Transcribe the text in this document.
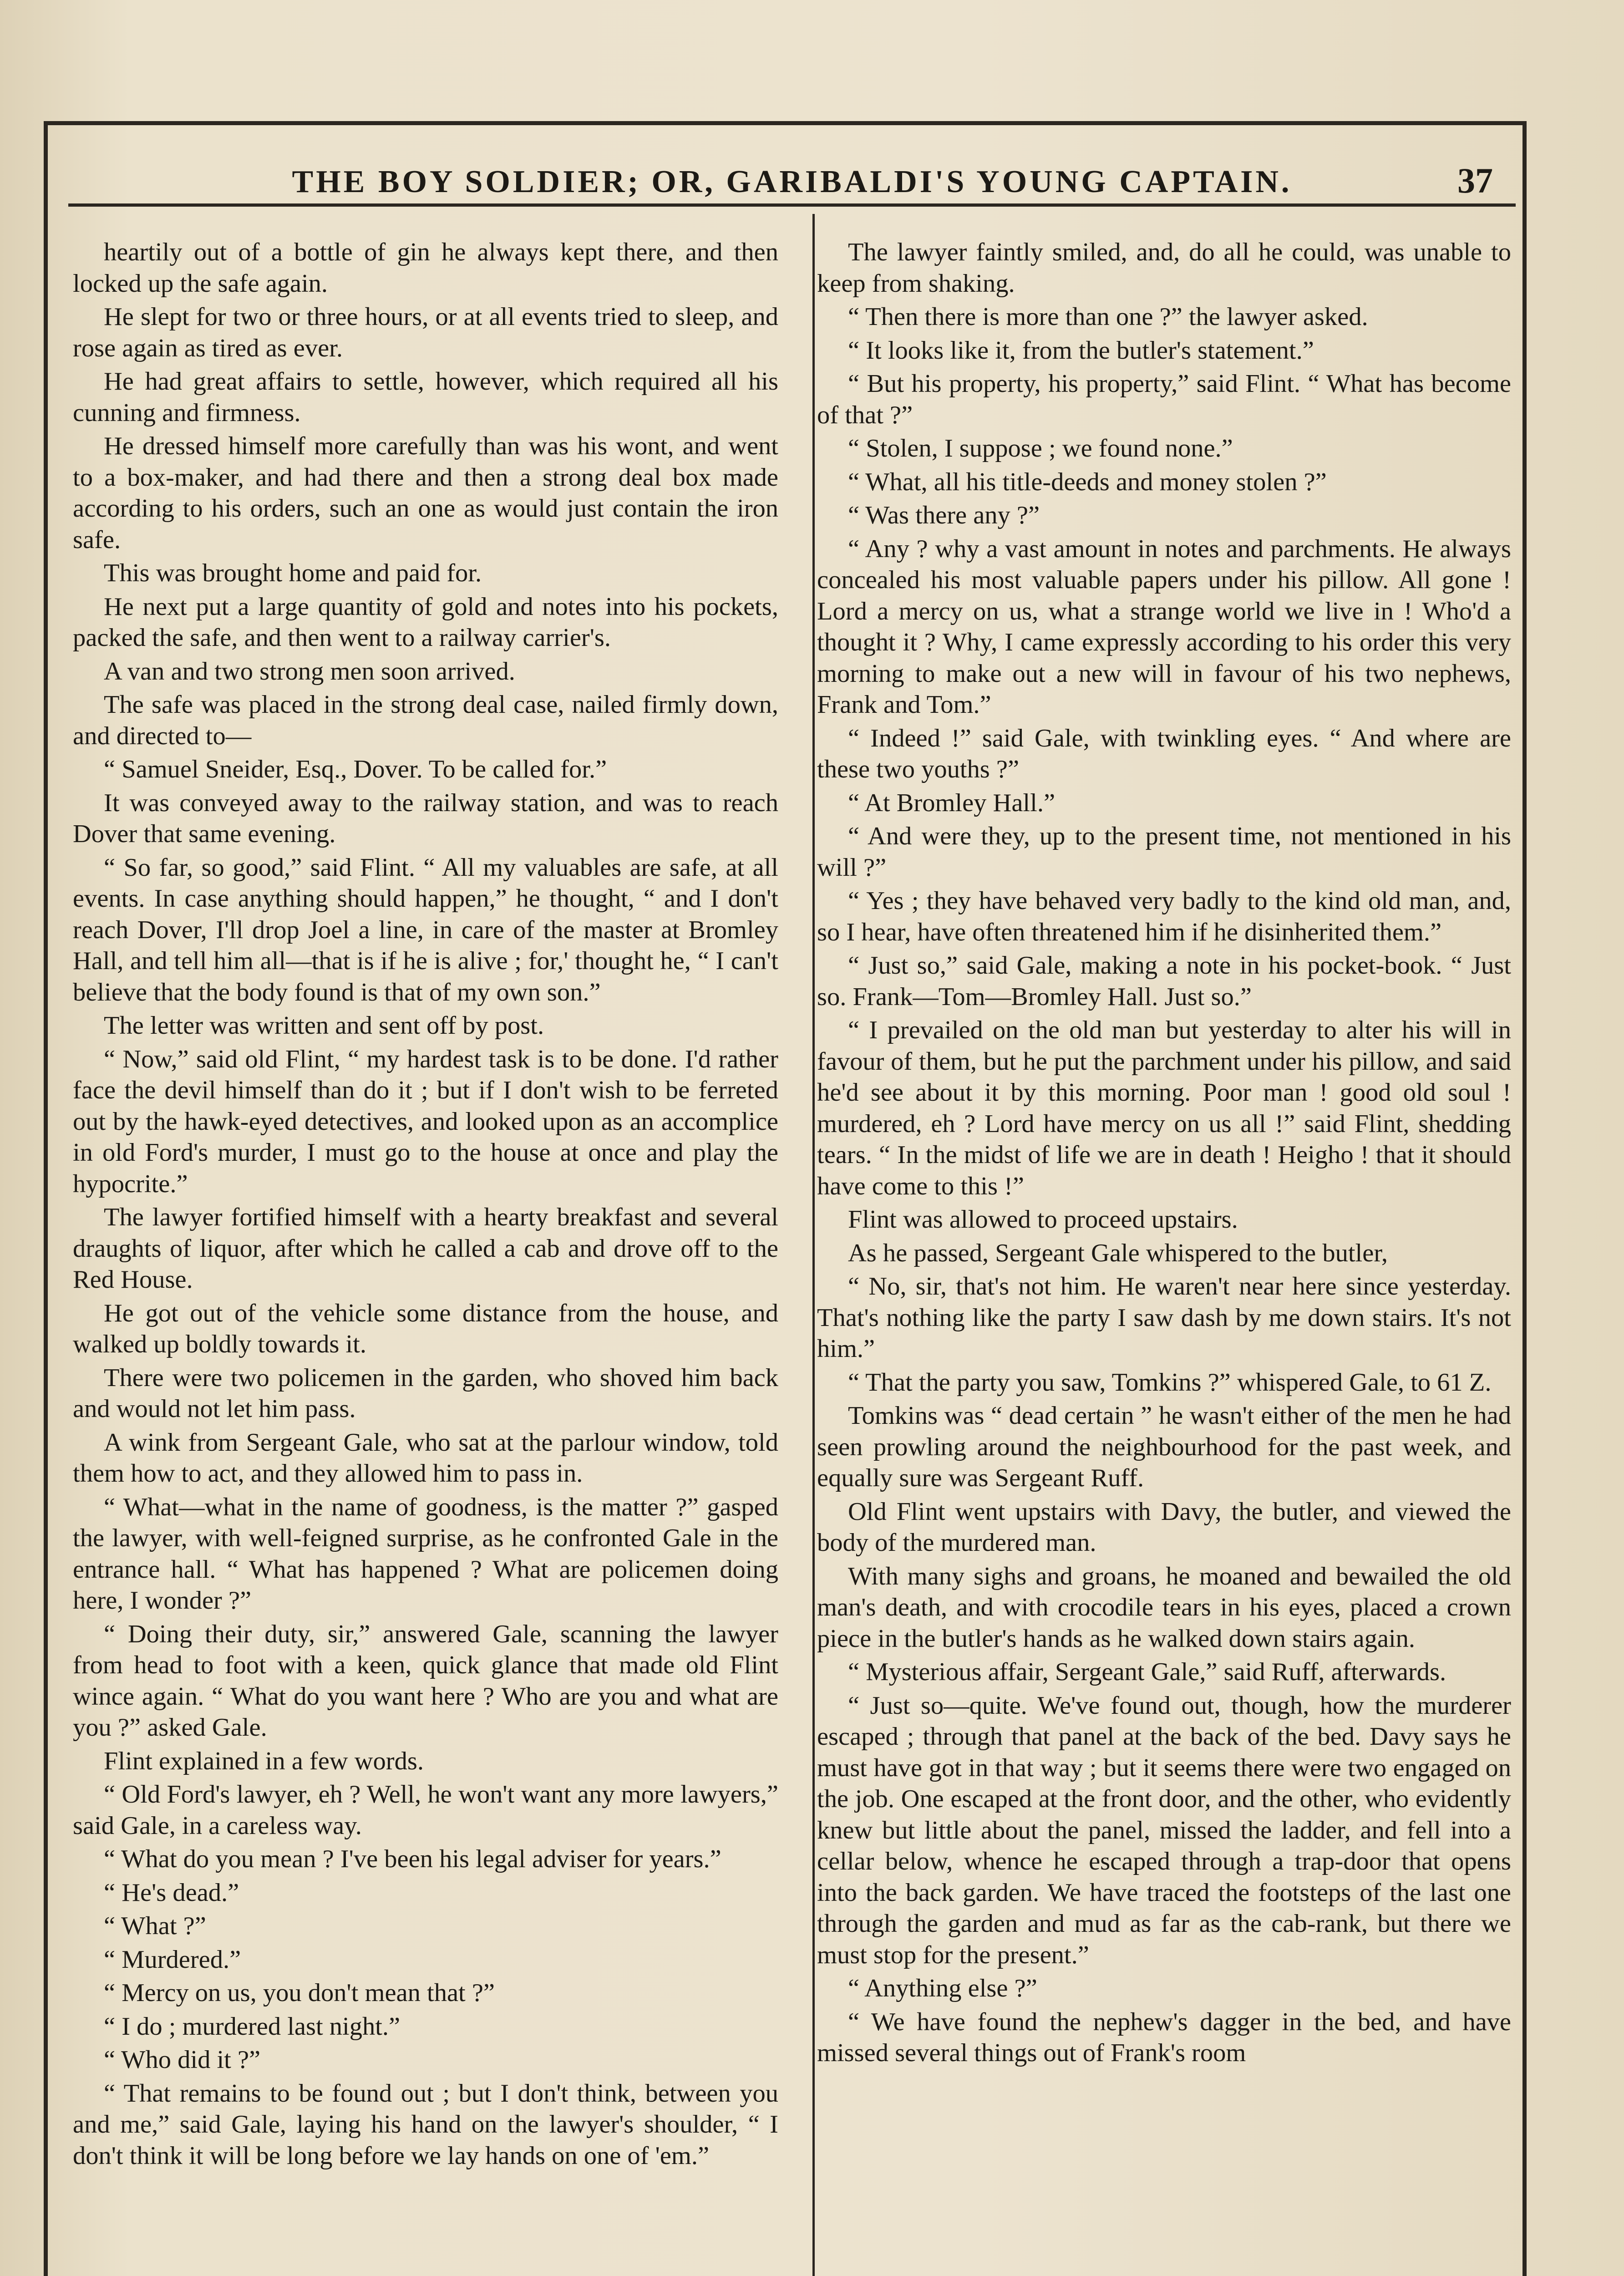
THE BOY SOLDIER; OR, GARIBALDI'S YOUNG CAPTAIN.	37

heartily out of a bottle of gin he always kept there, and then locked up the safe again.

He slept for two or three hours, or at all events tried to sleep, and rose again as tired as ever.

He had great affairs to settle, however, which required all his cunning and firmness.

He dressed himself more carefully than was his wont, and went to a box-maker, and had there and then a strong deal box made according to his orders, such an one as would just contain the iron safe.

This was brought home and paid for.

He next put a large quantity of gold and notes into his pockets, packed the safe, and then went to a railway carrier's.

A van and two strong men soon arrived.

The safe was placed in the strong deal case, nailed firmly down, and directed to—

“ Samuel Sneider, Esq., Dover. To be called for.”

It was conveyed away to the railway station, and was to reach Dover that same evening.

“ So far, so good,” said Flint. “ All my valuables are safe, at all events. In case anything should happen,” he thought, “ and I don't reach Dover, I'll drop Joel a line, in care of the master at Bromley Hall, and tell him all—that is if he is alive ; for,' thought he, “ I can't believe that the body found is that of my own son.”

The letter was written and sent off by post.

“ Now,” said old Flint, “ my hardest task is to be done. I'd rather face the devil himself than do it ; but if I don't wish to be ferreted out by the hawk-eyed detectives, and looked upon as an accomplice in old Ford's murder, I must go to the house at once and play the hypocrite.”

The lawyer fortified himself with a hearty breakfast and several draughts of liquor, after which he called a cab and drove off to the Red House.

He got out of the vehicle some distance from the house, and walked up boldly towards it.

There were two policemen in the garden, who shoved him back and would not let him pass.

A wink from Sergeant Gale, who sat at the parlour window, told them how to act, and they allowed him to pass in.

“ What—what in the name of goodness, is the matter ?” gasped the lawyer, with well-feigned surprise, as he confronted Gale in the entrance hall. “ What has happened ? What are policemen doing here, I wonder ?”

“ Doing their duty, sir,” answered Gale, scanning the lawyer from head to foot with a keen, quick glance that made old Flint wince again. “ What do you want here ? Who are you and what are you ?” asked Gale.

Flint explained in a few words.

“ Old Ford's lawyer, eh ? Well, he won't want any more lawyers,” said Gale, in a careless way.

“ What do you mean ? I've been his legal adviser for years.”

“ He's dead.”

“ What ?”

“ Murdered.”

“ Mercy on us, you don't mean that ?”

“ I do ; murdered last night.”

“ Who did it ?”

“ That remains to be found out ; but I don't think, between you and me,” said Gale, laying his hand on the lawyer's shoulder, “ I don't think it will be long before we lay hands on one of 'em.”

The lawyer faintly smiled, and, do all he could, was unable to keep from shaking.

“ Then there is more than one ?” the lawyer asked.

“ It looks like it, from the butler's statement.”

“ But his property, his property,” said Flint. “ What has become of that ?”

“ Stolen, I suppose ; we found none.”

“ What, all his title-deeds and money stolen ?”

“ Was there any ?”

“ Any ? why a vast amount in notes and parchments. He always concealed his most valuable papers under his pillow. All gone ! Lord a mercy on us, what a strange world we live in ! Who'd a thought it ? Why, I came expressly according to his order this very morning to make out a new will in favour of his two nephews, Frank and Tom.”

“ Indeed !” said Gale, with twinkling eyes. “ And where are these two youths ?”

“ At Bromley Hall.”

“ And were they, up to the present time, not mentioned in his will ?”

“ Yes ; they have behaved very badly to the kind old man, and, so I hear, have often threatened him if he disinherited them.”

“ Just so,” said Gale, making a note in his pocket-book. “ Just so. Frank—Tom—Bromley Hall. Just so.”

“ I prevailed on the old man but yesterday to alter his will in favour of them, but he put the parchment under his pillow, and said he'd see about it by this morning. Poor man ! good old soul ! murdered, eh ? Lord have mercy on us all !” said Flint, shedding tears. “ In the midst of life we are in death ! Heigho ! that it should have come to this !”

Flint was allowed to proceed upstairs.

As he passed, Sergeant Gale whispered to the butler,

“ No, sir, that's not him. He waren't near here since yesterday. That's nothing like the party I saw dash by me down stairs. It's not him.”

“ That the party you saw, Tomkins ?” whispered Gale, to 61 Z.

Tomkins was “ dead certain ” he wasn't either of the men he had seen prowling around the neighbourhood for the past week, and equally sure was Sergeant Ruff.

Old Flint went upstairs with Davy, the butler, and viewed the body of the murdered man.

With many sighs and groans, he moaned and bewailed the old man's death, and with crocodile tears in his eyes, placed a crown piece in the butler's hands as he walked down stairs again.

“ Mysterious affair, Sergeant Gale,” said Ruff, afterwards.

“ Just so—quite. We've found out, though, how the murderer escaped ; through that panel at the back of the bed. Davy says he must have got in that way ; but it seems there were two engaged on the job. One escaped at the front door, and the other, who evidently knew but little about the panel, missed the ladder, and fell into a cellar below, whence he escaped through a trap-door that opens into the back garden. We have traced the footsteps of the last one through the garden and mud as far as the cab-rank, but there we must stop for the present.”

“ Anything else ?”

“ We have found the nephew's dagger in the bed, and have missed several things out of Frank's room
